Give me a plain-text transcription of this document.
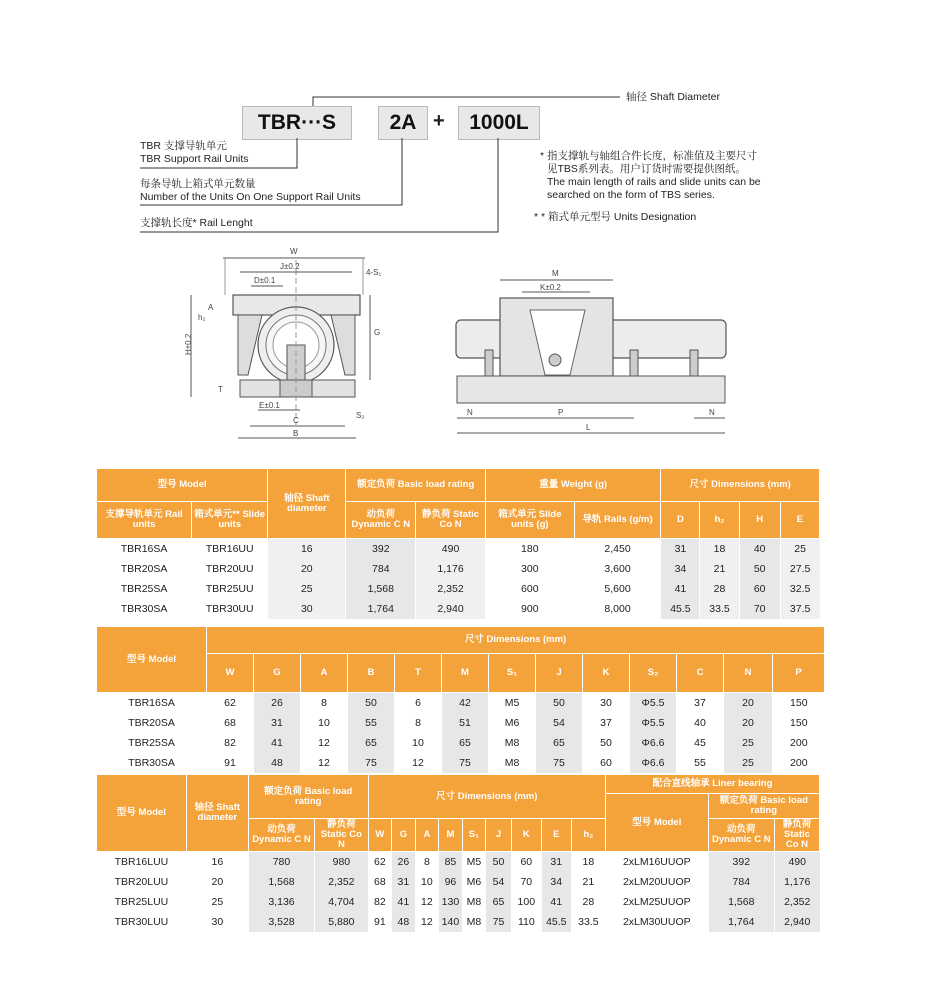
TBR···S	2A +	1000L
轴径 Shaft Diameter
TBR 支撑导轨单元
TBR Support Rail Units
每条导轨上箱式单元数量
Number of the Units On One Support Rail Units
支撑轨长度* Rail Lenght
* 指支撑轨与轴组合件长度，标准值及主要尺寸
见TBS系列表。用户订货时需要提供图纸。
The main length of rails and slide units can be
searched on the form of TBS series.
* * 箱式单元型号 Units Designation
W
J±0.2
D±0.1
4-S₁
A
h₂
H±0.2
G
T
E±0.1
S₂
C
B
M
K±0.2
N	P	N
L
型号 Model		轴径 Shaft diameter	额定负荷 Basic load rating		重量 Weight (g)		尺寸 Dimensions (mm)			
支撑导轨单元 Rail units	箱式单元** Slide units		动负荷 Dynamic C N	静负荷 Static Co N	箱式单元 Slide units (g)	导轨 Rails (g/m)	D	h₂	H	E
TBR16SA	TBR16UU	16	392	490	180	2,450	31	18	40	25
TBR20SA	TBR20UU	20	784	1,176	300	3,600	34	21	50	27.5
TBR25SA	TBR25UU	25	1,568	2,352	600	5,600	41	28	60	32.5
TBR30SA	TBR30UU	30	1,764	2,940	900	8,000	45.5	33.5	70	37.5
型号 Model	尺寸 Dimensions (mm)												
	W	G	A	B	T	M	S₁	J	K	S₂	C	N	P
TBR16SA	62	26	8	50	6	42	M5	50	30	Φ5.5	37	20	150
TBR20SA	68	31	10	55	8	51	M6	54	37	Φ5.5	40	20	150
TBR25SA	82	41	12	65	10	65	M8	65	50	Φ6.6	45	25	200
TBR30SA	91	48	12	75	12	75	M8	75	60	Φ6.6	55	25	200
型号 Model	轴径 Shaft diameter	额定负荷 Basic load rating		尺寸 Dimensions (mm)									配合直线轴承 Liner bearing		
													型号 Model	额定负荷 Basic load rating	
		动负荷 Dynamic C N	静负荷 Static Co N	W	G	A	M	S₁	J	K	E	h₂		动负荷 Dynamic C N	静负荷 Static Co N
TBR16LUU	16	780	980	62	26	8	85	M5	50	60	31	18	2xLM16UUOP	392	490
TBR20LUU	20	1,568	2,352	68	31	10	96	M6	54	70	34	21	2xLM20UUOP	784	1,176
TBR25LUU	25	3,136	4,704	82	41	12	130	M8	65	100	41	28	2xLM25UUOP	1,568	2,352
TBR30LUU	30	3,528	5,880	91	48	12	140	M8	75	110	45.5	33.5	2xLM30UUOP	1,764	2,940
